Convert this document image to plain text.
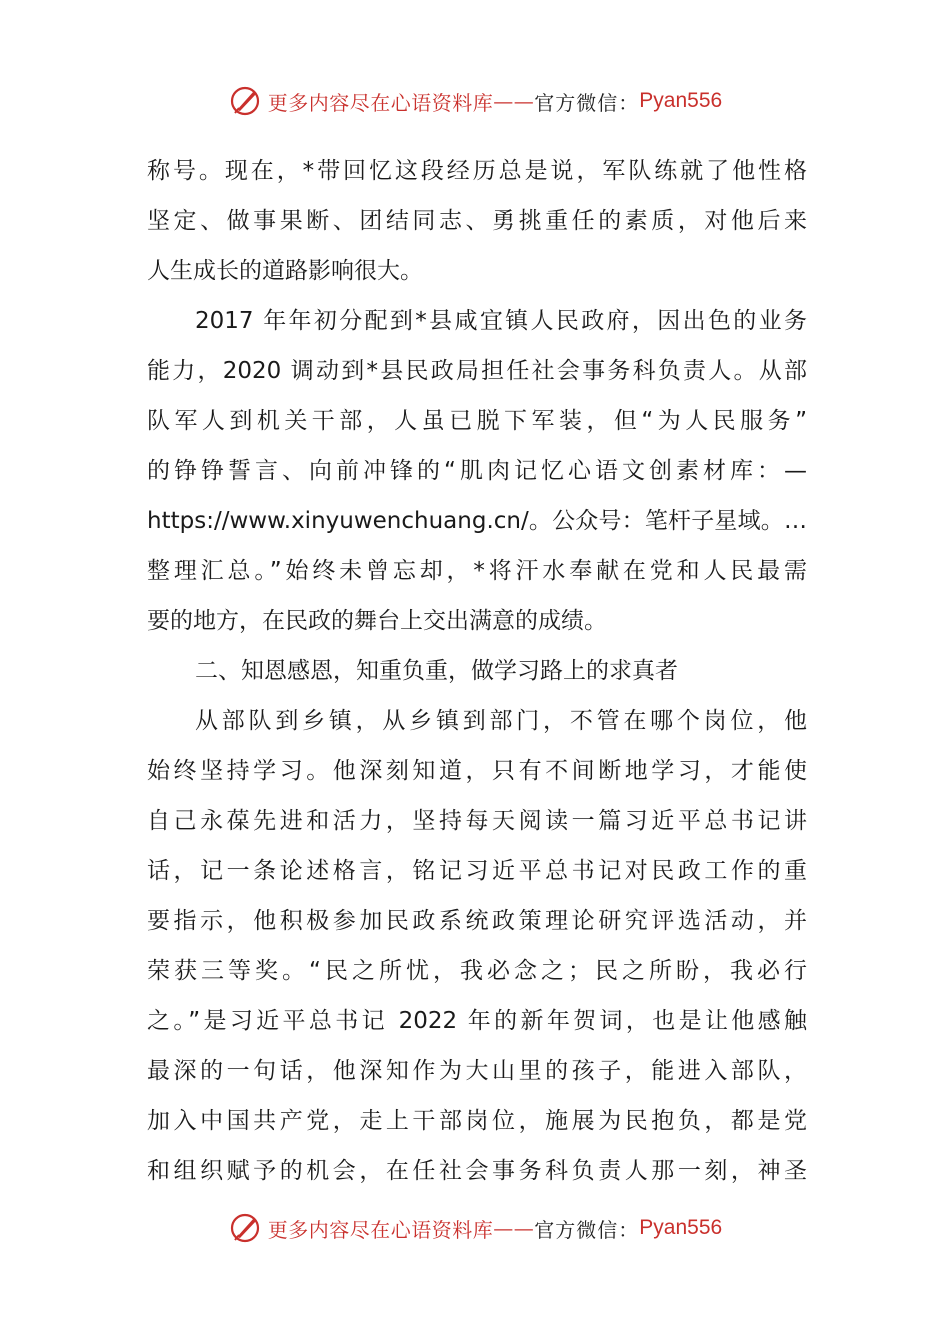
更多内容尽在心语资料库 —— 官方微信： Pyan556
称号。现在，*带回忆这段经历总是说，军队练就了他性格
坚定、做事果断、团结同志、勇挑重任的素质，对他后来
人生成长的道路影响很大。
2017 年年初分配到*县咸宜镇人民政府，因出色的业务
能力，2020 调动到*县民政局担任社会事务科负责人。从部
队军人到机关干部，人虽已脱下军装，但“为人民服务”
的铮铮誓言、向前冲锋的“肌肉记忆心语文创素材库：—
https://www.xinyuwenchuang.cn/。公众号：笔杆子星域。…
整理汇总。”始终未曾忘却，*将汗水奉献在党和人民最需
要的地方，在民政的舞台上交出满意的成绩。
二、知恩感恩，知重负重，做学习路上的求真者
从部队到乡镇，从乡镇到部门，不管在哪个岗位，他
始终坚持学习。他深刻知道，只有不间断地学习，才能使
自己永葆先进和活力，坚持每天阅读一篇习近平总书记讲
话，记一条论述格言，铭记习近平总书记对民政工作的重
要指示，他积极参加民政系统政策理论研究评选活动，并
荣获三等奖。“民之所忧，我必念之；民之所盼，我必行
之。”是习近平总书记 2022 年的新年贺词，也是让他感触
最深的一句话，他深知作为大山里的孩子，能进入部队，
加入中国共产党，走上干部岗位，施展为民抱负，都是党
和组织赋予的机会，在任社会事务科负责人那一刻，神圣
更多内容尽在心语资料库 —— 官方微信： Pyan556
